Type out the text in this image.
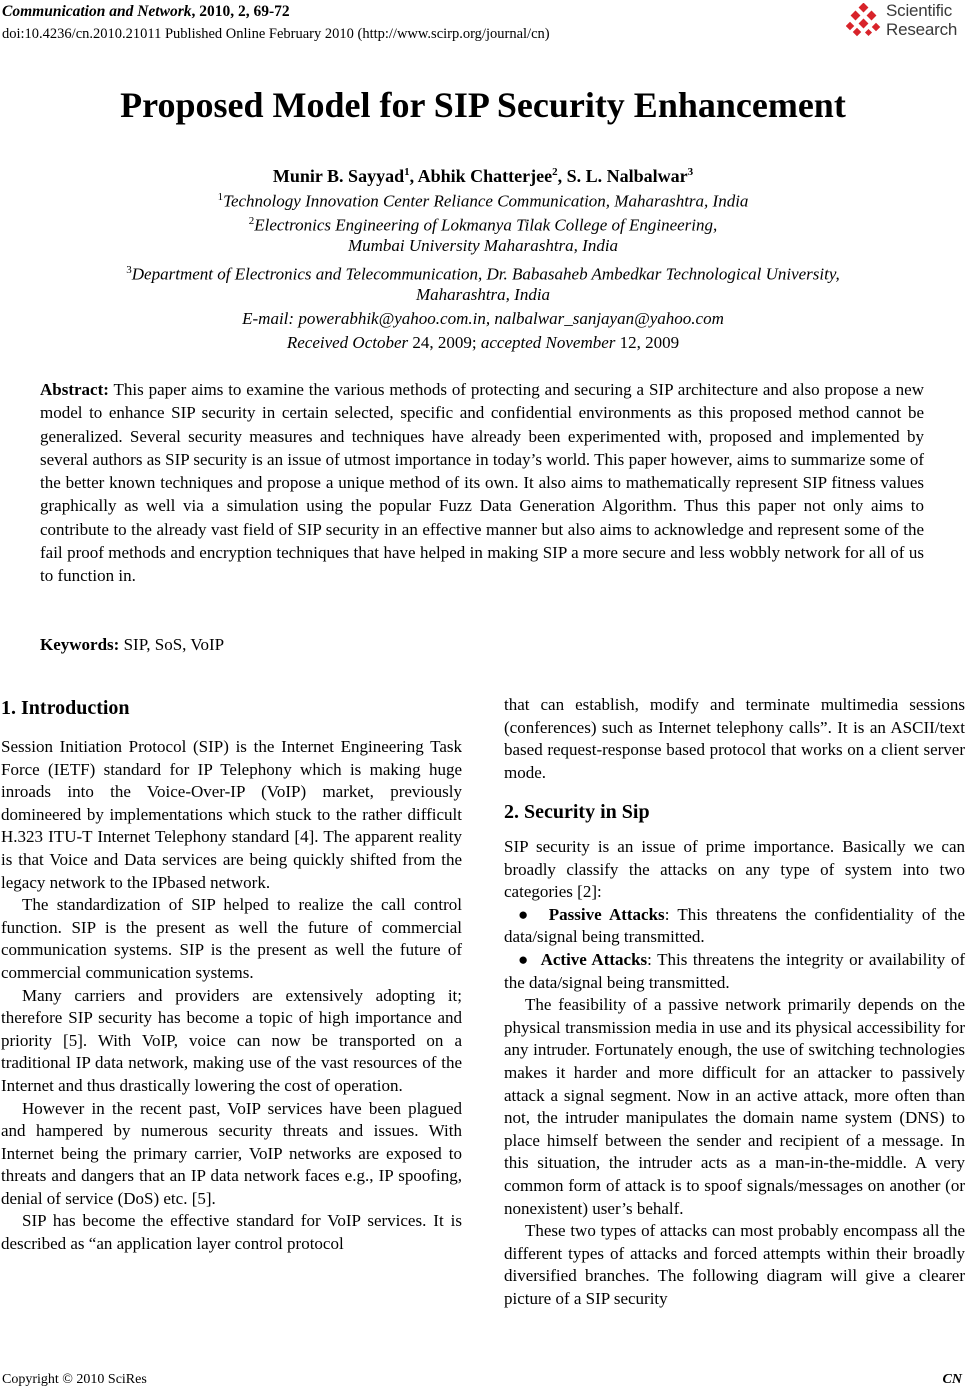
Communication and Network, 2010, 2, 69-72
doi:10.4236/cn.2010.21011 Published Online February 2010 (http://www.scirp.org/journal/cn)
Scientific
Research
Proposed Model for SIP Security Enhancement
Munir B. Sayyad$^1$, Abhik Chatterjee$^2$, S. L. Nalbalwar$^3$
$^1$Technology Innovation Center Reliance Communication, Maharashtra, India
$^2$Electronics Engineering of Lokmanya Tilak College of Engineering,
Mumbai University Maharashtra, India
$^3$Department of Electronics and Telecommunication, Dr. Babasaheb Ambedkar Technological University,
Maharashtra, India
E-mail: powerabhik@yahoo.com.in, nalbalwar_sanjayan@yahoo.com
Received October 24, 2009; accepted November 12, 2009
Abstract: This paper aims to examine the various methods of protecting and securing a SIP architecture and also propose a new model to enhance SIP security in certain selected, specific and confidential environments as this proposed method cannot be generalized. Several security measures and techniques have already been experimented with, proposed and implemented by several authors as SIP security is an issue of utmost importance in today’s world. This paper however, aims to summarize some of the better known techniques and propose a unique method of its own. It also aims to mathematically represent SIP fitness values graphically as well via a simulation using the popular Fuzz Data Generation Algorithm. Thus this paper not only aims to contribute to the already vast field of SIP security in an effective manner but also aims to acknowledge and represent some of the fail proof methods and encryption techniques that have helped in making SIP a more secure and less wobbly network for all of us to function in.
Keywords: SIP, SoS, VoIP
1. Introduction

Session Initiation Protocol (SIP) is the Internet Engineering Task Force (IETF) standard for IP Telephony which is making huge inroads into the Voice-Over-IP (VoIP) market, previously domineered by implementations which stuck to the rather difficult H.323 ITU-T Internet Telephony standard [4]. The apparent reality is that Voice and Data services are being quickly shifted from the legacy network to the IPbased network.

The standardization of SIP helped to realize the call control function. SIP is the present as well the future of commercial communication systems. SIP is the present as well the future of commercial communication systems.

Many carriers and providers are extensively adopting it; therefore SIP security has become a topic of high importance and priority [5]. With VoIP, voice can now be transported on a traditional IP data network, making use of the vast resources of the Internet and thus drastically lowering the cost of operation.

However in the recent past, VoIP services have been plagued and hampered by numerous security threats and issues. With Internet being the primary carrier, VoIP networks are exposed to threats and dangers that an IP data network faces e.g., IP spoofing, denial of service (DoS) etc. [5].

SIP has become the effective standard for VoIP services. It is described as “an application layer control protocol

that can establish, modify and terminate multimedia sessions (conferences) such as Internet telephony calls”. It is an ASCII/text based request-response based protocol that works on a client server mode.

2. Security in Sip

SIP security is an issue of prime importance. Basically we can broadly classify the attacks on any type of system into two categories [2]:

●  Passive Attacks: This threatens the confidentiality of the data/signal being transmitted.

●  Active Attacks: This threatens the integrity or availability of the data/signal being transmitted.

The feasibility of a passive network primarily depends on the physical transmission media in use and its physical accessibility for any intruder. Fortunately enough, the use of switching technologies makes it harder and more difficult for an attacker to passively attack a signal segment. Now in an active attack, more often than not, the intruder manipulates the domain name system (DNS) to place himself between the sender and recipient of a message. In this situation, the intruder acts as a man-in-the-middle. A very common form of attack is to spoof signals/messages on another (or nonexistent) user’s behalf.

These two types of attacks can most probably encompass all the different types of attacks and forced attempts within their broadly diversified branches. The following diagram will give a clearer picture of a SIP security

Copyright © 2010 SciRes	CN
